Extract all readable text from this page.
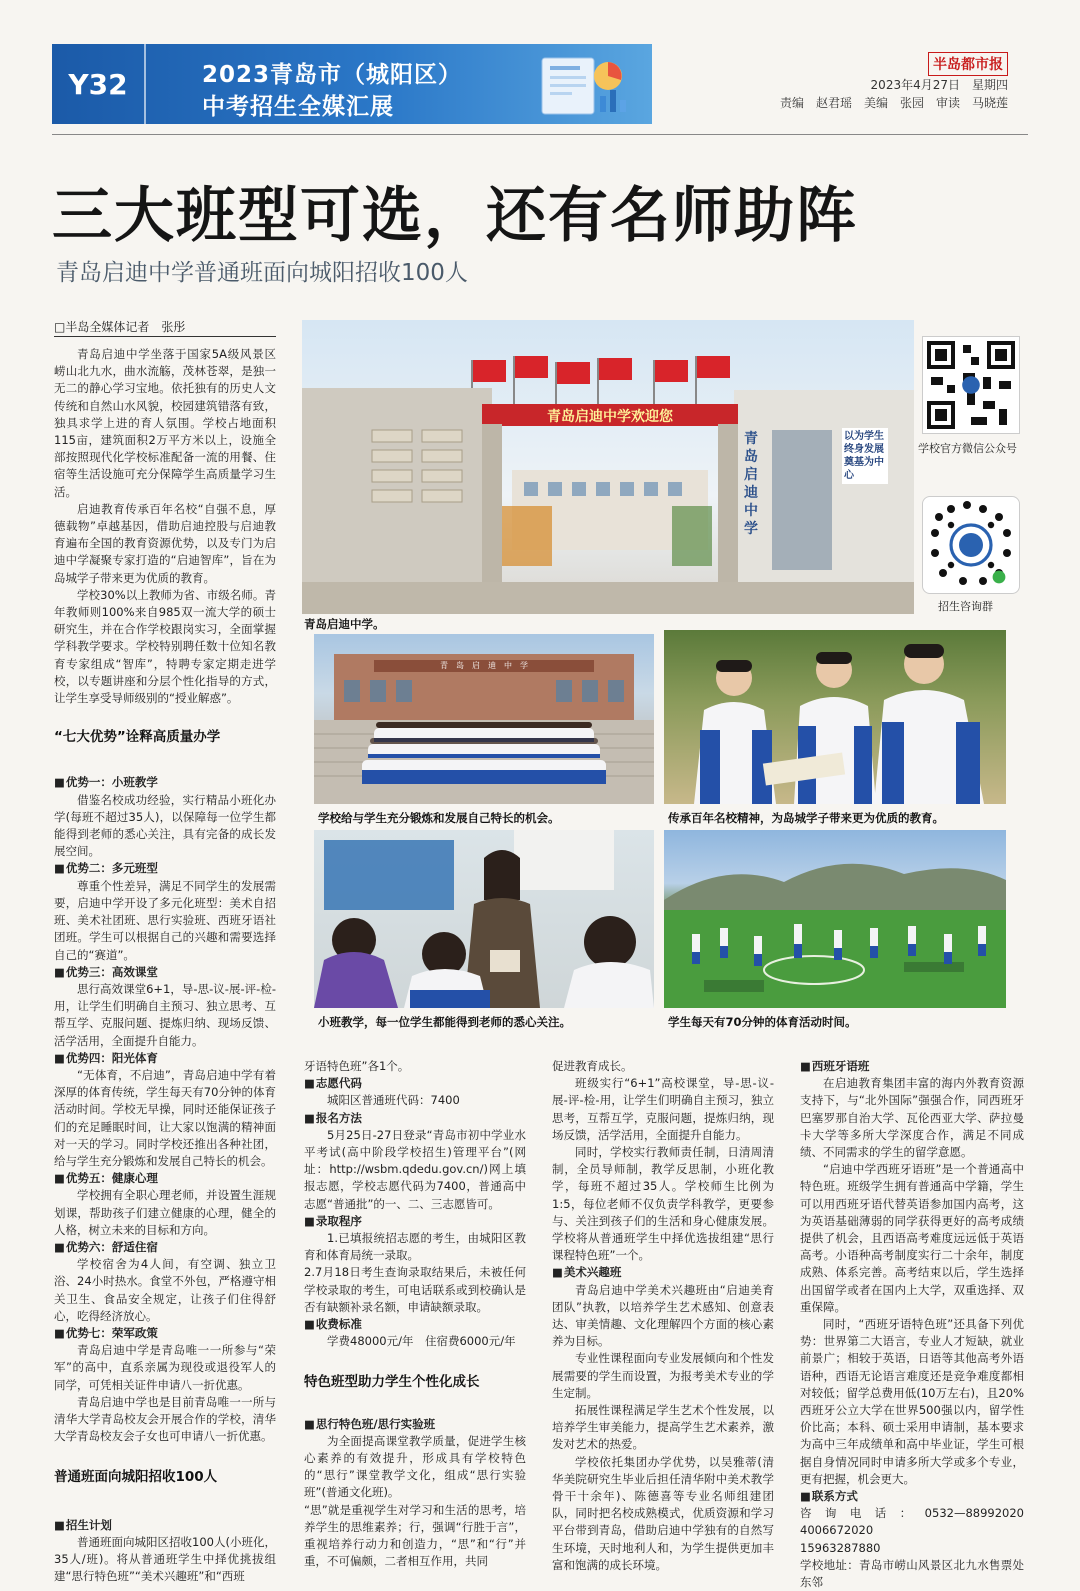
Y32	2023青岛市（城阳区）
中考招生全媒汇展
半岛都市报
2023年4月27日　星期四
责编　赵君瑶　美编　张园　审读　马晓莲
三大班型可选，还有名师助阵
青岛启迪中学普通班面向城阳招收100人
□半岛全媒体记者　张彤

青岛启迪中学坐落于国家5A级风景区崂山北九水，曲水流觞，茂林苍翠，是独一无二的静心学习宝地。依托独有的历史人文传统和自然山水风貌，校园建筑错落有致，独具求学上进的育人氛围。学校占地面积115亩，建筑面积2万平方米以上，设施全部按照现代化学校标准配备一流的用餐、住宿等生活设施可充分保障学生高质量学习生活。

启迪教育传承百年名校“自强不息，厚德载物”卓越基因，借助启迪控股与启迪教育遍布全国的教育资源优势，以及专门为启迪中学凝聚专家打造的“启迪智库”，旨在为岛城学子带来更为优质的教育。

学校30%以上教师为省、市级名师。青年教师则100%来自985双一流大学的硕士研究生，并在合作学校跟岗实习，全面掌握学科教学要求。学校特别聘任数十位知名教育专家组成“智库”，特聘专家定期走进学校，以专题讲座和分层个性化指导的方式，让学生享受导师级别的“授业解惑”。

“七大优势”诠释高质量办学
■ 优势一：小班教学

借鉴名校成功经验，实行精品小班化办学(每班不超过35人)，以保障每一位学生都能得到老师的悉心关注，具有完备的成长发展空间。

■ 优势二：多元班型

尊重个性差异，满足不同学生的发展需要，启迪中学开设了多元化班型：美术自招班、美术社团班、思行实验班、西班牙语社团班。学生可以根据自己的兴趣和需要选择自己的“赛道”。

■ 优势三：高效课堂

思行高效课堂6+1，导-思-议-展-评-检-用，让学生们明确自主预习、独立思考、互帮互学、克服问题、提炼归纳、现场反馈、活学活用，全面提升自能力。

■ 优势四：阳光体育

“无体育，不启迪”，青岛启迪中学有着深厚的体育传统，学生每天有70分钟的体育活动时间。学校无早操，同时还能保证孩子们的充足睡眠时间，让大家以饱满的精神面对一天的学习。同时学校还推出各种社团，给与学生充分锻炼和发展自己特长的机会。

■ 优势五：健康心理

学校拥有全职心理老师，并设置生涯规划课，帮助孩子们建立健康的心理，健全的人格，树立未来的目标和方向。

■ 优势六：舒适住宿

学校宿舍为4人间，有空调、独立卫浴、24小时热水。食堂不外包，严格遵守相关卫生、食品安全规定，让孩子们住得舒心，吃得经济放心。

■ 优势七：荣军政策

青岛启迪中学是青岛唯一一所参与“荣军”的高中，直系亲属为现役或退役军人的同学，可凭相关证件申请八一折优惠。

青岛启迪中学也是目前青岛唯一一所与清华大学青岛校友会开展合作的学校，清华大学青岛校友会子女也可申请八一折优惠。

普通班面向城阳招收100人
■ 招生计划

普通班面向城阳区招收100人(小班化，35人/班)。将从普通班学生中择优挑拔组建“思行特色班”“美术兴趣班”和“西班

牙语特色班”各1个。

■ 志愿代码

城阳区普通班代码：7400

■ 报名方法

5月25日-27日登录“青岛市初中学业水平考试(高中阶段学校招生)管理平台”(网址：http://wsbm.qdedu.gov.cn/)网上填报志愿，学校志愿代码为7400，普通高中志愿“普通批”的一、二、三志愿皆可。

■ 录取程序

1.已填报统招志愿的考生，由城阳区教育和体育局统一录取。
2.7月18日考生查询录取结果后，未被任何学校录取的考生，可电话联系或到校确认是否有缺额补录名额，申请缺额录取。

■ 收费标准

学费48000元/年　住宿费6000元/年

特色班型助力学生个性化成长
■ 思行特色班/思行实验班

为全面提高课堂教学质量，促进学生核心素养的有效提升，形成具有学校特色的“思行”课堂教学文化，组成“思行实验班”(普通文化班)。
“思”就是重视学生对学习和生活的思考，培养学生的思维素养；行，强调“行胜于言”，重视培养行动力和创造力，“思”和“行”并重，不可偏颇，二者相互作用，共同

促进教育成长。

班级实行“6+1”高校课堂，导-思-议-展-评-检-用，让学生们明确自主预习，独立思考，互帮互学，克服问题，提炼归纳，现场反馈，活学活用，全面提升自能力。

同时，学校实行教师责任制，日清周清制，全员导师制，教学反思制，小班化教学，每班不超过35人。学校师生比例为1:5，每位老师不仅负责学科教学，更要参与、关注到孩子们的生活和身心健康发展。学校将从普通班学生中择优选拔组建“思行课程特色班”一个。

■ 美术兴趣班

青岛启迪中学美术兴趣班由“启迪美育团队”执教，以培养学生艺术感知、创意表达、审美情趣、文化理解四个方面的核心素养为目标。

专业性课程面向专业发展倾向和个性发展需要的学生而设置，为报考美术专业的学生定制。

拓展性课程满足学生艺术个性发展，以培养学生审美能力，提高学生艺术素养，激发对艺术的热爱。

学校依托集团办学优势，以吴雅蒂(清华美院研究生毕业后担任清华附中美术教学骨干十余年)、陈德喜等专业名师组建团队，同时把名校成熟模式，优质资源和学习平台带到青岛，借助启迪中学独有的自然写生环境，天时地利人和，为学生提供更加丰富和饱满的成长环境。

■ 西班牙语班

在启迪教育集团丰富的海内外教育资源支持下，与“北外国际”强强合作，同西班牙巴塞罗那自治大学、瓦伦西亚大学、萨拉曼卡大学等多所大学深度合作，满足不同成绩、不同需求的学生的留学意愿。

“启迪中学西班牙语班”是一个普通高中特色班。班级学生拥有普通高中学籍，学生可以用西班牙语代替英语参加国内高考，这为英语基础薄弱的同学获得更好的高考成绩提供了机会，且西语高考难度远远低于英语高考。小语种高考制度实行二十余年，制度成熟、体系完善。高考结束以后，学生选择出国留学或者在国内上大学，双重选择、双重保障。

同时，“西班牙语特色班”还具备下列优势：世界第二大语言，专业人才短缺，就业前景广；相较于英语，日语等其他高考外语语种，西语无论语言难度还是竞争难度都相对较低；留学总费用低(10万左右)，且20%西班牙公立大学在世界500强以内，留学性价比高；本科、硕士采用申请制，基本要求为高中三年成绩单和高中毕业证，学生可根据自身情况同时申请多所大学或多个专业，更有把握，机会更大。

■ 联系方式

咨询电话：0532—88992020　4006672020

15963287880

学校地址：青岛市崂山风景区北九水售票处东邻

青岛启迪中学欢迎您
青岛启迪中学
以为学生终身发展奠基为中心
青岛启迪中学。
学校官方微信公众号
招生咨询群
青　岛　启　迪　中　学
学校给与学生充分锻炼和发展自己特长的机会。	传承百年名校精神，为岛城学子带来更为优质的教育。
小班教学，每一位学生都能得到老师的悉心关注。	学生每天有70分钟的体育活动时间。
